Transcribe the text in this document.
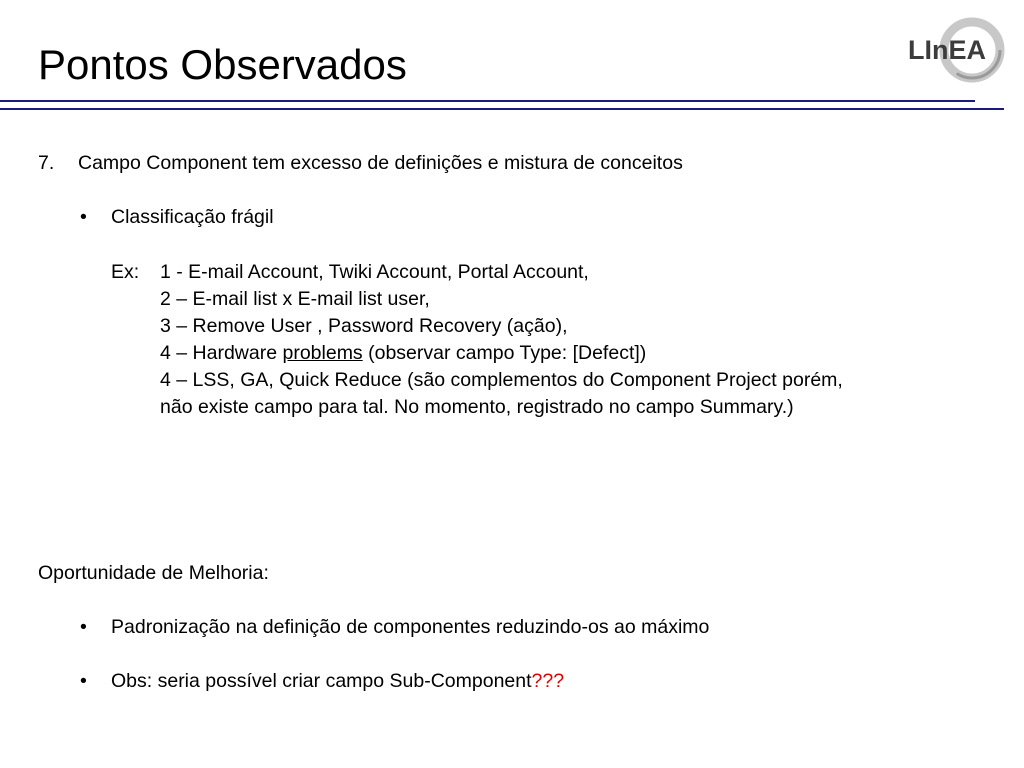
Pontos Observados	LInEA
7. Campo Component tem excesso de definições e mistura de conceitos
• Classificação frágil
Ex: 1 - E-mail Account, Twiki Account, Portal Account,
2 – E-mail list x E-mail list user,
3 – Remove User , Password Recovery (ação),
4 – Hardware problems (observar campo Type: [Defect])
4 – LSS, GA, Quick Reduce (são complementos do Component Project porém,
não existe campo para tal. No momento, registrado no campo Summary.)
Oportunidade de Melhoria:
• Padronização na definição de componentes reduzindo-os ao máximo
• Obs: seria possível criar campo Sub-Component???
